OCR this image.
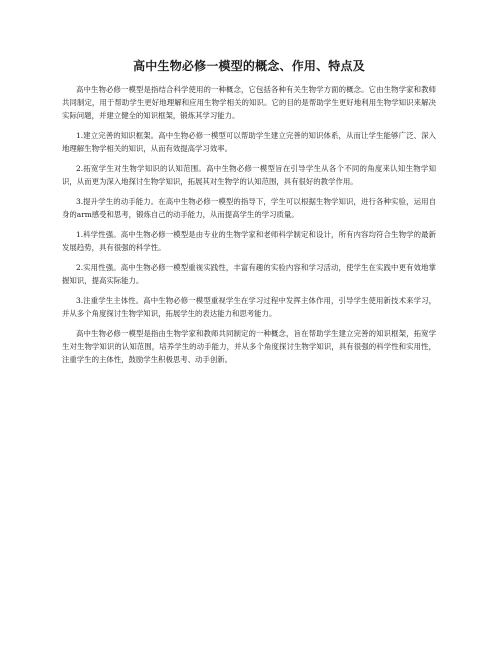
高中生物必修一模型的概念、作用、特点及

高中生物必修一模型是指结合科学使用的一种概念，它包括各种有关生物学方面的概念。它由生物学家和教师共同制定，用于帮助学生更好地理解和应用生物学相关的知识。它的目的是帮助学生更好地利用生物学知识来解决实际问题，并建立健全的知识框架，锻炼其学习能力。

1.建立完善的知识框架。高中生物必修一模型可以帮助学生建立完善的知识体系，从而让学生能够广泛、深入地理解生物学相关的知识，从而有效提高学习效率。

2.拓宽学生对生物学知识的认知范围。高中生物必修一模型旨在引导学生从各个不同的角度来认知生物学知识，从而更为深入地探讨生物学知识，拓展其对生物学的认知范围，具有很好的教学作用。

3.提升学生的动手能力。在高中生物必修一模型的指导下，学生可以根据生物学知识，进行各种实验，运用自身的arm感受和思考，锻炼自己的动手能力，从而提高学生的学习质量。

1.科学性强。高中生物必修一模型是由专业的生物学家和老师科学制定和设计，所有内容均符合生物学的最新发展趋势，具有很强的科学性。

2.实用性强。高中生物必修一模型重视实践性，丰富有趣的实验内容和学习活动，使学生在实践中更有效地掌握知识，提高实际能力。

3.注重学生主体性。高中生物必修一模型重视学生在学习过程中发挥主体作用，引导学生使用新技术来学习，并从多个角度探讨生物学知识，拓展学生的表达能力和思考能力。

高中生物必修一模型是指由生物学家和教师共同制定的一种概念，旨在帮助学生建立完善的知识框架，拓宽学生对生物学知识的认知范围，培养学生的动手能力，并从多个角度探讨生物学知识，具有很强的科学性和实用性，注重学生的主体性，鼓励学生积极思考、动手创新。
